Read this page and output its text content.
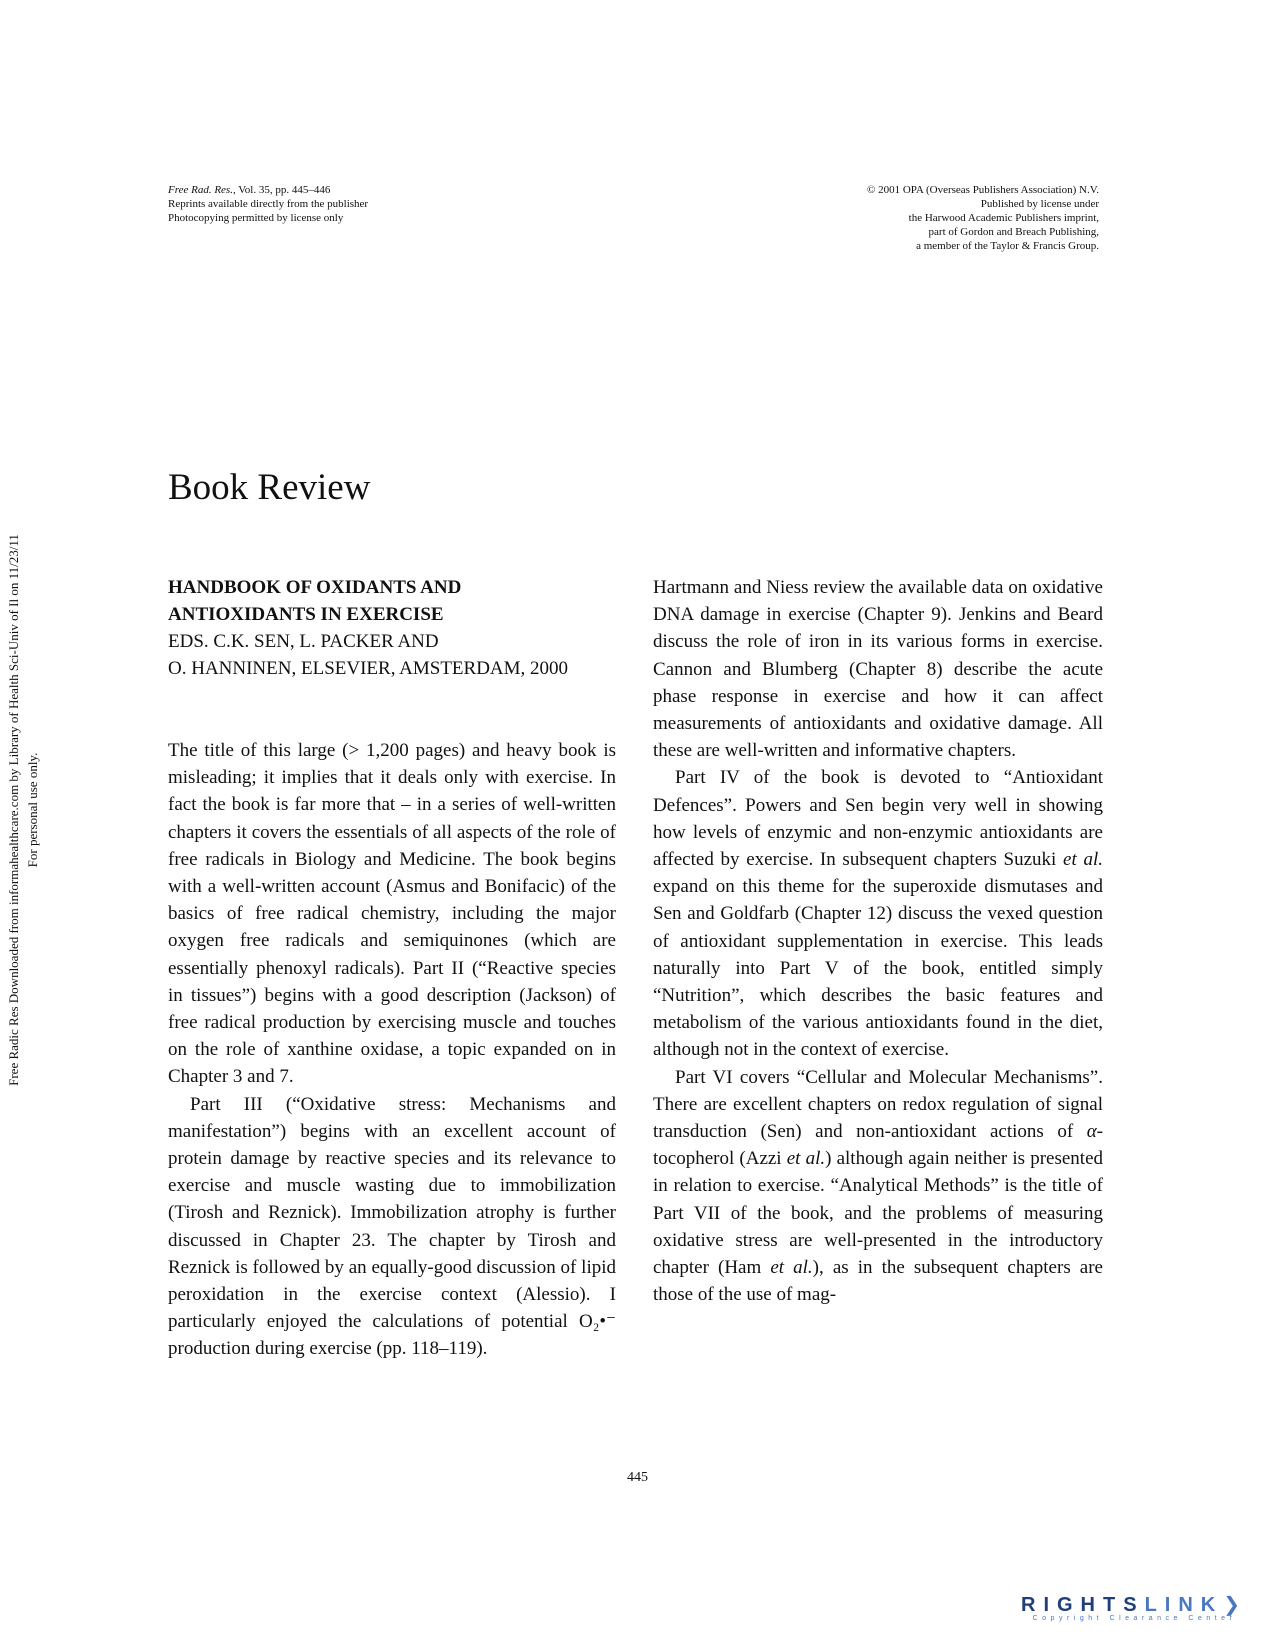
Free Radic Res Downloaded from informahealthcare.com by Library of Health Sci-Univ of Il on 11/23/11 For personal use only.
Free Rad. Res., Vol. 35, pp. 445–446
Reprints available directly from the publisher
Photocopying permitted by license only
© 2001 OPA (Overseas Publishers Association) N.V.
Published by license under
the Harwood Academic Publishers imprint,
part of Gordon and Breach Publishing,
a member of the Taylor & Francis Group.
Book Review
HANDBOOK OF OXIDANTS AND
ANTIOXIDANTS IN EXERCISE
EDS. C.K. SEN, L. PACKER AND
O. HANNINEN, ELSEVIER, AMSTERDAM, 2000

The title of this large (> 1,200 pages) and heavy book is misleading; it implies that it deals only with exercise. In fact the book is far more that – in a series of well-written chapters it covers the essentials of all aspects of the role of free radicals in Biology and Medicine. The book begins with a well-written account (Asmus and Bonifacic) of the basics of free radical chemistry, including the major oxygen free radicals and semiquinones (which are essentially phenoxyl radicals). Part II (“Reactive species in tissues”) begins with a good description (Jackson) of free radical production by exercising muscle and touches on the role of xanthine oxidase, a topic expanded on in Chapter 3 and 7.

Part III (“Oxidative stress: Mechanisms and manifestation”) begins with an excellent account of protein damage by reactive species and its relevance to exercise and muscle wasting due to immobilization (Tirosh and Reznick). Immobilization atrophy is further discussed in Chapter 23. The chapter by Tirosh and Reznick is followed by an equally-good discussion of lipid peroxidation in the exercise context (Alessio). I particularly enjoyed the calculations of potential O₂•⁻ production during exercise (pp. 118–119).

Hartmann and Niess review the available data on oxidative DNA damage in exercise (Chapter 9). Jenkins and Beard discuss the role of iron in its various forms in exercise. Cannon and Blumberg (Chapter 8) describe the acute phase response in exercise and how it can affect measurements of antioxidants and oxidative damage. All these are well-written and informative chapters.

Part IV of the book is devoted to “Antioxidant Defences”. Powers and Sen begin very well in showing how levels of enzymic and non-enzymic antioxidants are affected by exercise. In subsequent chapters Suzuki et al. expand on this theme for the superoxide dismutases and Sen and Goldfarb (Chapter 12) discuss the vexed question of antioxidant supplementation in exercise. This leads naturally into Part V of the book, entitled simply “Nutrition”, which describes the basic features and metabolism of the various antioxidants found in the diet, although not in the context of exercise.

Part VI covers “Cellular and Molecular Mechanisms”. There are excellent chapters on redox regulation of signal transduction (Sen) and non-antioxidant actions of α-tocopherol (Azzi et al.) although again neither is presented in relation to exercise. “Analytical Methods” is the title of Part VII of the book, and the problems of measuring oxidative stress are well-presented in the introductory chapter (Ham et al.), as in the subsequent chapters are those of the use of mag-

445
RIGHTSLINK❯
Copyright Clearance Center
